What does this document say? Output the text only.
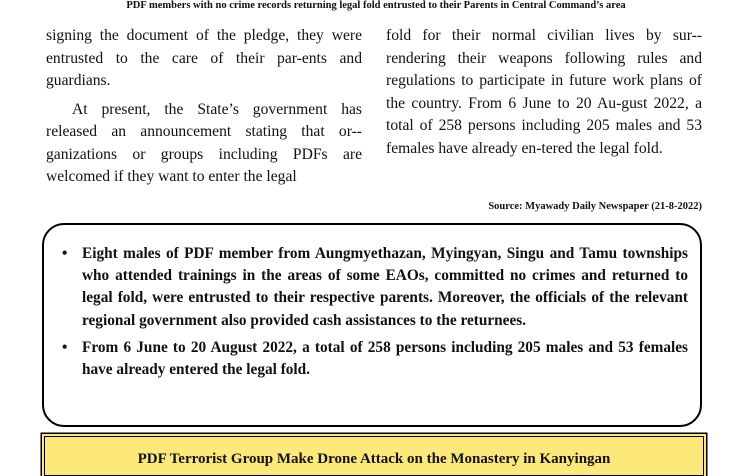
PDF members with no crime records returning legal fold entrusted to their Parents in Central Command’s area

signing the document of the pledge, they were entrusted to the care of their par-ents and guardians.

At present, the State’s government has released an announcement stating that or-ganizations or groups including PDFs are welcomed if they want to enter the legal

fold for their normal civilian lives by sur-rendering their weapons following rules and regulations to participate in future work plans of the country. From 6 June to 20 Au-gust 2022, a total of 258 persons including 205 males and 53 females have already en-tered the legal fold.

Source: Myawady Daily Newspaper (21-8-2022)
• Eight males of PDF member from Aungmyethazan, Myingyan, Singu and Tamu townships who attended trainings in the areas of some EAOs, committed no crimes and returned to legal fold, were entrusted to their respective parents. Moreover, the officials of the relevant regional government also provided cash assistances to the returnees.
• From 6 June to 20 August 2022, a total of 258 persons including 205 males and 53 females have already entered the legal fold.
PDF Terrorist Group Make Drone Attack on the Monastery in Kanyingan
